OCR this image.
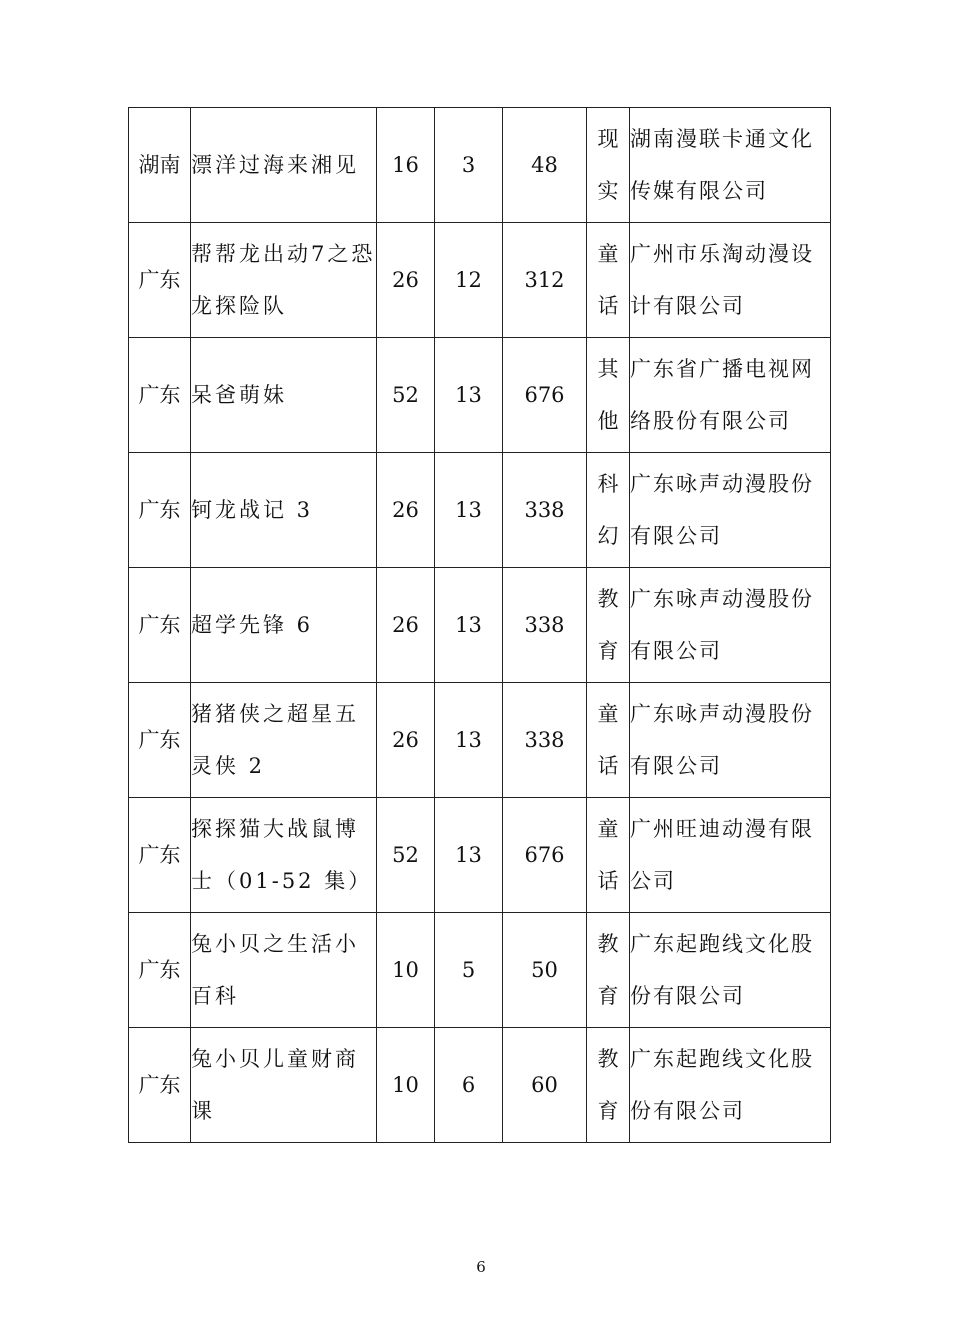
湖南	漂洋过海来湘见	16	3	48	现实	湖南漫联卡通文化传媒有限公司
广东	帮帮龙出动7之恐龙探险队	26	12	312	童话	广州市乐淘动漫设计有限公司
广东	呆爸萌妹	52	13	676	其他	广东省广播电视网络股份有限公司
广东	钶龙战记 3	26	13	338	科幻	广东咏声动漫股份有限公司
广东	超学先锋 6	26	13	338	教育	广东咏声动漫股份有限公司
广东	猪猪侠之超星五灵侠 2	26	13	338	童话	广东咏声动漫股份有限公司
广东	探探猫大战鼠博士（01-52 集）	52	13	676	童话	广州旺迪动漫有限公司
广东	兔小贝之生活小百科	10	5	50	教育	广东起跑线文化股份有限公司
广东	兔小贝儿童财商课	10	6	60	教育	广东起跑线文化股份有限公司
6
